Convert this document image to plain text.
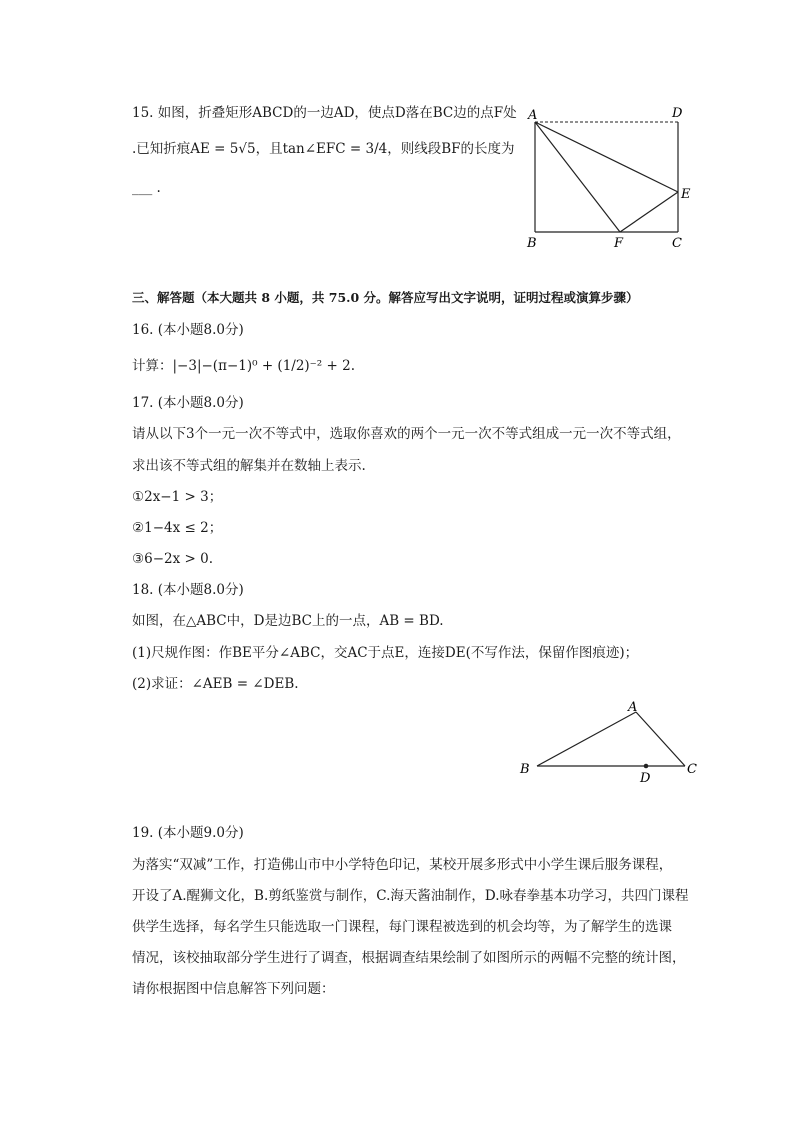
15. 如图，折叠矩形ABCD的一边AD，使点D落在BC边的点F处
.已知折痕AE = 5√5，且tan∠EFC = 3/4，则线段BF的长度为
___ .
A	D
E
B	F	C
三、解答题（本大题共 8 小题，共 75.0 分。解答应写出文字说明，证明过程或演算步骤）
16. (本小题8.0分)
计算：|−3|−(π−1)⁰ + (1/2)⁻² + 2.
17. (本小题8.0分)
请从以下3个一元一次不等式中，选取你喜欢的两个一元一次不等式组成一元一次不等式组，
求出该不等式组的解集并在数轴上表示.
①2x−1 > 3；
②1−4x ≤ 2；
③6−2x > 0.
18. (本小题8.0分)
如图，在△ABC中，D是边BC上的一点，AB = BD.
(1)尺规作图：作BE平分∠ABC，交AC于点E，连接DE(不写作法，保留作图痕迹)；
(2)求证：∠AEB = ∠DEB.
A
B
D
C
19. (本小题9.0分)
为落实“双减”工作，打造佛山市中小学特色印记，某校开展多形式中小学生课后服务课程，
开设了A.醒狮文化，B.剪纸鉴赏与制作，C.海天酱油制作，D.咏春拳基本功学习，共四门课程
供学生选择，每名学生只能选取一门课程，每门课程被选到的机会均等，为了解学生的选课
情况，该校抽取部分学生进行了调查，根据调查结果绘制了如图所示的两幅不完整的统计图，
请你根据图中信息解答下列问题：
